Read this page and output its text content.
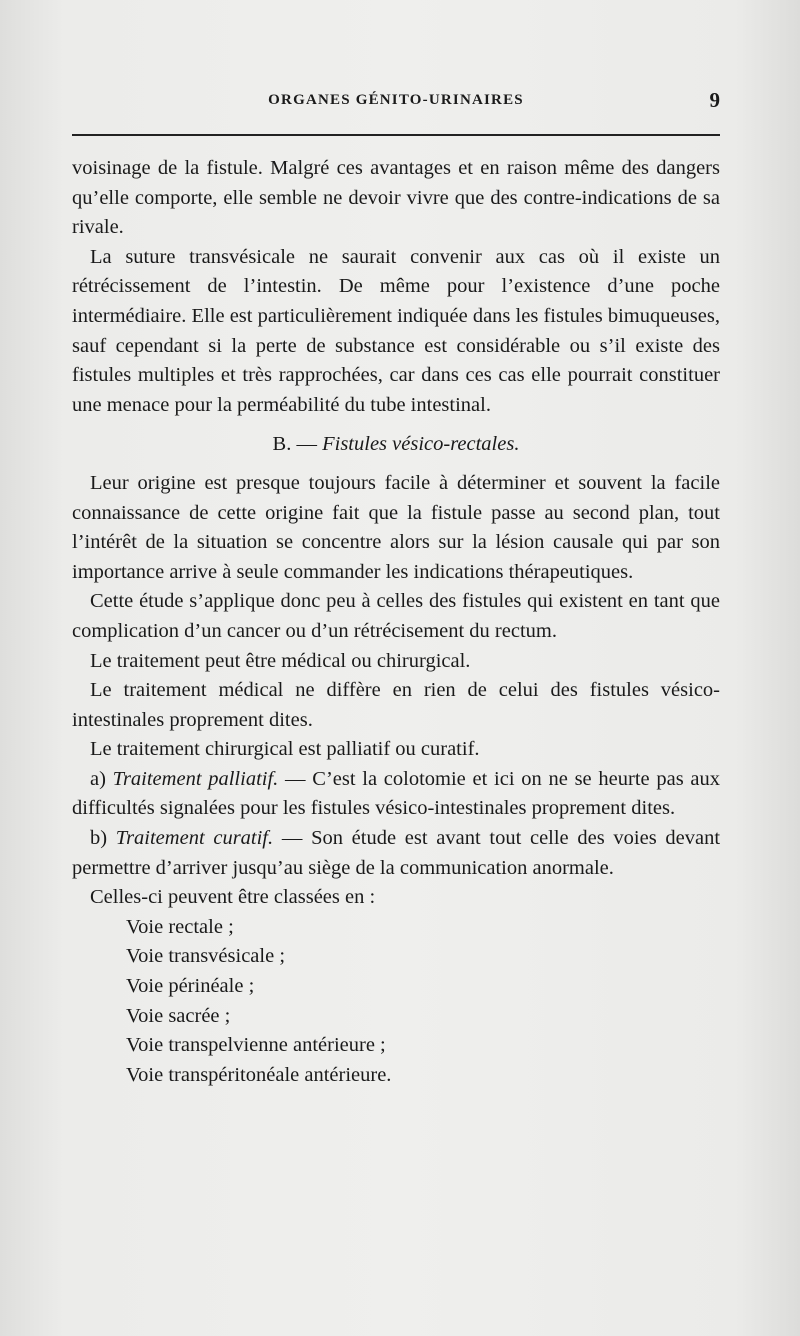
ORGANES GÉNITO-URINAIRES	9

voisinage de la fistule. Malgré ces avantages et en raison même des dangers qu’elle comporte, elle semble ne devoir vivre que des contre-indications de sa rivale.

La suture transvésicale ne saurait convenir aux cas où il existe un rétrécissement de l’intestin. De même pour l’existence d’une poche intermédiaire. Elle est particulièrement indiquée dans les fistules bimuqueuses, sauf cependant si la perte de substance est considérable ou s’il existe des fistules multiples et très rapprochées, car dans ces cas elle pourrait constituer une menace pour la perméabilité du tube intestinal.

B. — Fistules vésico-rectales.

Leur origine est presque toujours facile à déterminer et souvent la facile connaissance de cette origine fait que la fistule passe au second plan, tout l’intérêt de la situation se concentre alors sur la lésion causale qui par son importance arrive à seule commander les indications thérapeutiques.

Cette étude s’applique donc peu à celles des fistules qui existent en tant que complication d’un cancer ou d’un rétrécisement du rectum.

Le traitement peut être médical ou chirurgical.

Le traitement médical ne diffère en rien de celui des fistules vésico-intestinales proprement dites.

Le traitement chirurgical est palliatif ou curatif.

a) Traitement palliatif. — C’est la colotomie et ici on ne se heurte pas aux difficultés signalées pour les fistules vésico-intestinales proprement dites.

b) Traitement curatif. — Son étude est avant tout celle des voies devant permettre d’arriver jusqu’au siège de la communication anormale.

Celles-ci peuvent être classées en :

Voie rectale ;
Voie transvésicale ;
Voie périnéale ;
Voie sacrée ;
Voie transpelvienne antérieure ;
Voie transpéritonéale antérieure.
